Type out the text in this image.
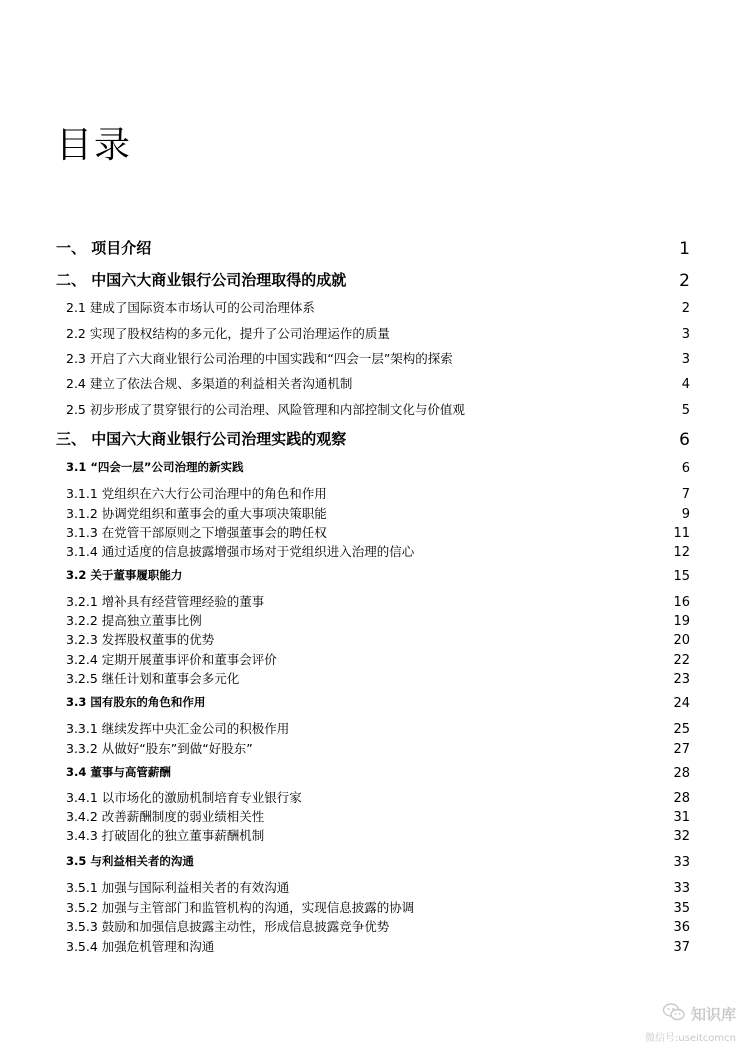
目录
一、 项目介绍	1
二、 中国六大商业银行公司治理取得的成就	2
2.1 建成了国际资本市场认可的公司治理体系	2
2.2 实现了股权结构的多元化，提升了公司治理运作的质量	3
2.3 开启了六大商业银行公司治理的中国实践和“四会一层”架构的探索	3
2.4 建立了依法合规、多渠道的利益相关者沟通机制	4
2.5 初步形成了贯穿银行的公司治理、风险管理和内部控制文化与价值观	5
三、 中国六大商业银行公司治理实践的观察	6
3.1 “四会一层”公司治理的新实践	6
3.1.1 党组织在六大行公司治理中的角色和作用	7
3.1.2 协调党组织和董事会的重大事项决策职能	9
3.1.3 在党管干部原则之下增强董事会的聘任权	11
3.1.4 通过适度的信息披露增强市场对于党组织进入治理的信心	12
3.2 关于董事履职能力	15
3.2.1 增补具有经营管理经验的董事	16
3.2.2 提高独立董事比例	19
3.2.3 发挥股权董事的优势	20
3.2.4 定期开展董事评价和董事会评价	22
3.2.5 继任计划和董事会多元化	23
3.3 国有股东的角色和作用	24
3.3.1 继续发挥中央汇金公司的积极作用	25
3.3.2 从做好“股东”到做“好股东”	27
3.4 董事与高管薪酬	28
3.4.1 以市场化的激励机制培育专业银行家	28
3.4.2 改善薪酬制度的弱业绩相关性	31
3.4.3 打破固化的独立董事薪酬机制	32
3.5 与利益相关者的沟通	33
3.5.1 加强与国际利益相关者的有效沟通	33
3.5.2 加强与主管部门和监管机构的沟通，实现信息披露的协调	35
3.5.3 鼓励和加强信息披露主动性，形成信息披露竞争优势	36
3.5.4 加强危机管理和沟通	37
知识库
微信号:useitcomcn
